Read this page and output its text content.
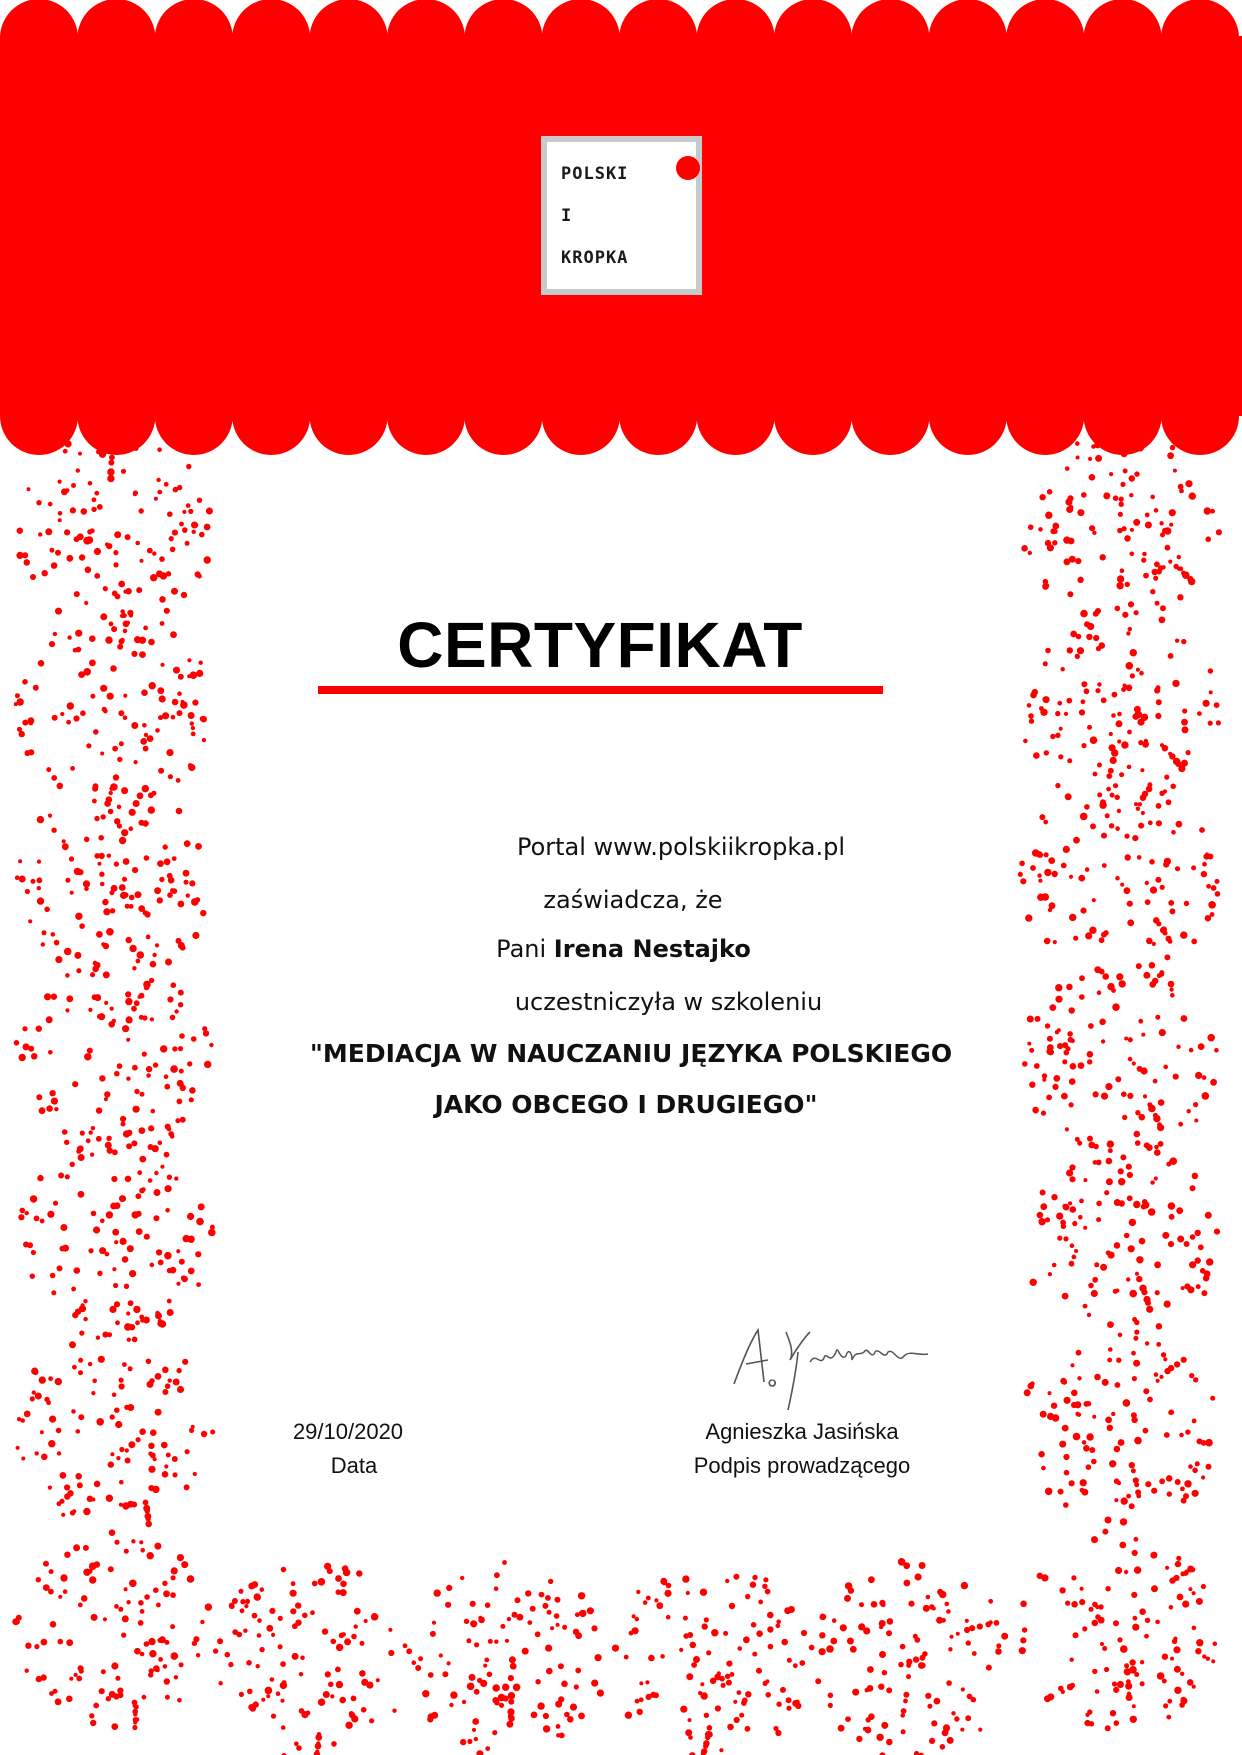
POLSKI
I
KROPKA
CERTYFIKAT
Portal www.polskiikropka.pl
zaświadcza, że
Pani Irena Nestajko
uczestniczyła w szkoleniu
"MEDIACJA W NAUCZANIU JĘZYKA POLSKIEGO
JAKO OBCEGO I DRUGIEGO"
29/10/2020
Data
Agnieszka Jasińska
Podpis prowadzącego
